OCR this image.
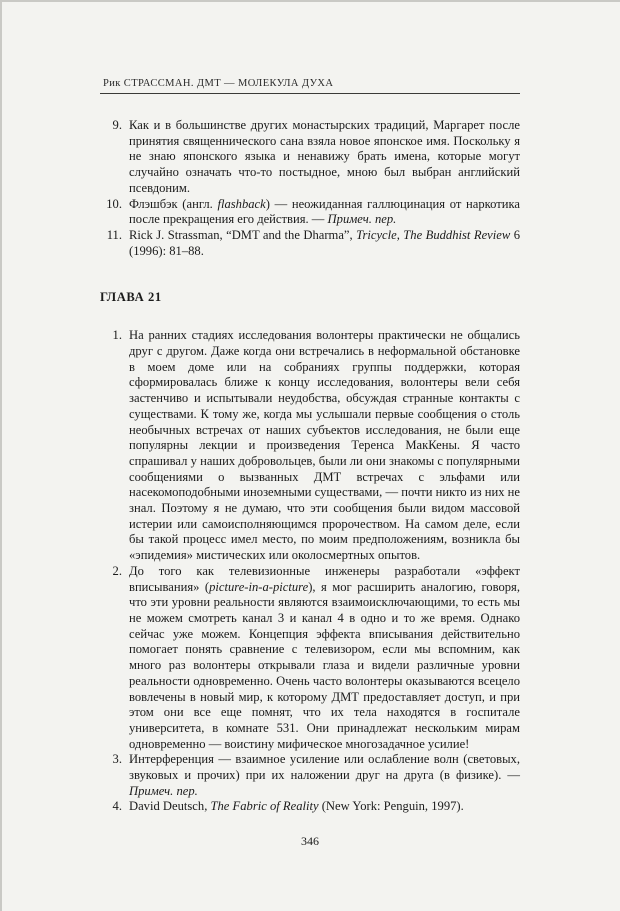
Рик СТРАССМАН. ДМТ — МОЛЕКУЛА ДУХА
9. Как и в большинстве других монастырских традиций, Маргарет после принятия священнического сана взяла новое японское имя. Поскольку я не знаю японского языка и ненавижу брать имена, которые могут случайно означать что-то постыдное, мною был выбран английский псевдоним.
10. Флэшбэк (англ. flashback) — неожиданная галлюцинация от наркотика после прекращения его действия. — Примеч. пер.
11. Rick J. Strassman, “DMT and the Dharma”, Tricycle, The Buddhist Review 6 (1996): 81–88.
ГЛАВА 21
1. На ранних стадиях исследования волонтеры практически не общались друг с другом. Даже когда они встречались в неформальной обстановке в моем доме или на собраниях группы поддержки, которая сформировалась ближе к концу исследования, волонтеры вели себя застенчиво и испытывали неудобства, обсуждая странные контакты с существами. К тому же, когда мы услышали первые сообщения о столь необычных встречах от наших субъектов исследования, не были еще популярны лекции и произведения Теренса МакКены. Я часто спрашивал у наших добровольцев, были ли они знакомы с популярными сообщениями о вызванных ДМТ встречах с эльфами или насекомоподобными иноземными существами, — почти никто из них не знал. Поэтому я не думаю, что эти сообщения были видом массовой истерии или самоисполняющимся пророчеством. На самом деле, если бы такой процесс имел место, по моим предположениям, возникла бы «эпидемия» мистических или околосмертных опытов.
2. До того как телевизионные инженеры разработали «эффект вписывания» (picture-in-a-picture), я мог расширить аналогию, говоря, что эти уровни реальности являются взаимоисключающими, то есть мы не можем смотреть канал 3 и канал 4 в одно и то же время. Однако сейчас уже можем. Концепция эффекта вписывания действительно помогает понять сравнение с телевизором, если мы вспомним, как много раз волонтеры открывали глаза и видели различные уровни реальности одновременно. Очень часто волонтеры оказываются всецело вовлечены в новый мир, к которому ДМТ предоставляет доступ, и при этом они все еще помнят, что их тела находятся в госпитале университета, в комнате 531. Они принадлежат нескольким мирам одновременно — воистину мифическое многозадачное усилие!
3. Интерференция — взаимное усиление или ослабление волн (световых, звуковых и прочих) при их наложении друг на друга (в физике). — Примеч. пер.
4. David Deutsch, The Fabric of Reality (New York: Penguin, 1997).
346
